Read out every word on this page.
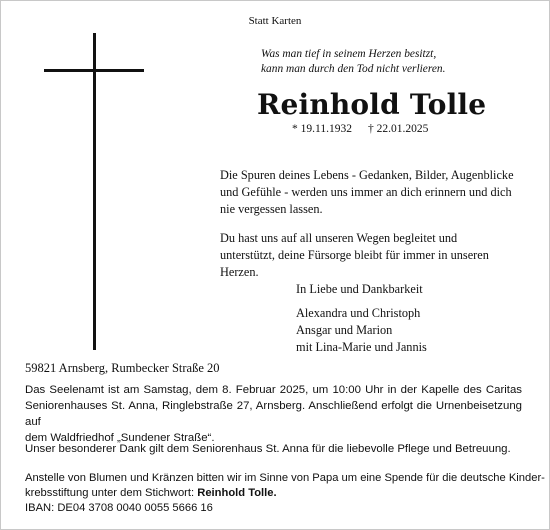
Statt Karten
Was man tief in seinem Herzen besitzt,
kann man durch den Tod nicht verlieren.
Reinhold Tolle
* 19.11.1932 † 22.01.2025
Die Spuren deines Lebens - Gedanken, Bilder, Augenblicke
und Gefühle - werden uns immer an dich erinnern und dich
nie vergessen lassen.
Du hast uns auf all unseren Wegen begleitet und
unterstützt, deine Fürsorge bleibt für immer in unseren
Herzen.
In Liebe und Dankbarkeit
Alexandra und Christoph
Ansgar und Marion
mit Lina-Marie und Jannis
59821 Arnsberg, Rumbecker Straße 20
Das Seelenamt ist am Samstag, dem 8. Februar 2025, um 10:00 Uhr in der Kapelle des Caritas
Seniorenhauses St. Anna, Ringlebstraße 27, Arnsberg. Anschließend erfolgt die Urnenbeisetzung auf
dem Waldfriedhof „Sundener Straße“.
Unser besonderer Dank gilt dem Seniorenhaus St. Anna für die liebevolle Pflege und Betreuung.
Anstelle von Blumen und Kränzen bitten wir im Sinne von Papa um eine Spende für die deutsche Kinder-
krebsstiftung unter dem Stichwort: Reinhold Tolle.
IBAN: DE04 3708 0040 0055 5666 16
